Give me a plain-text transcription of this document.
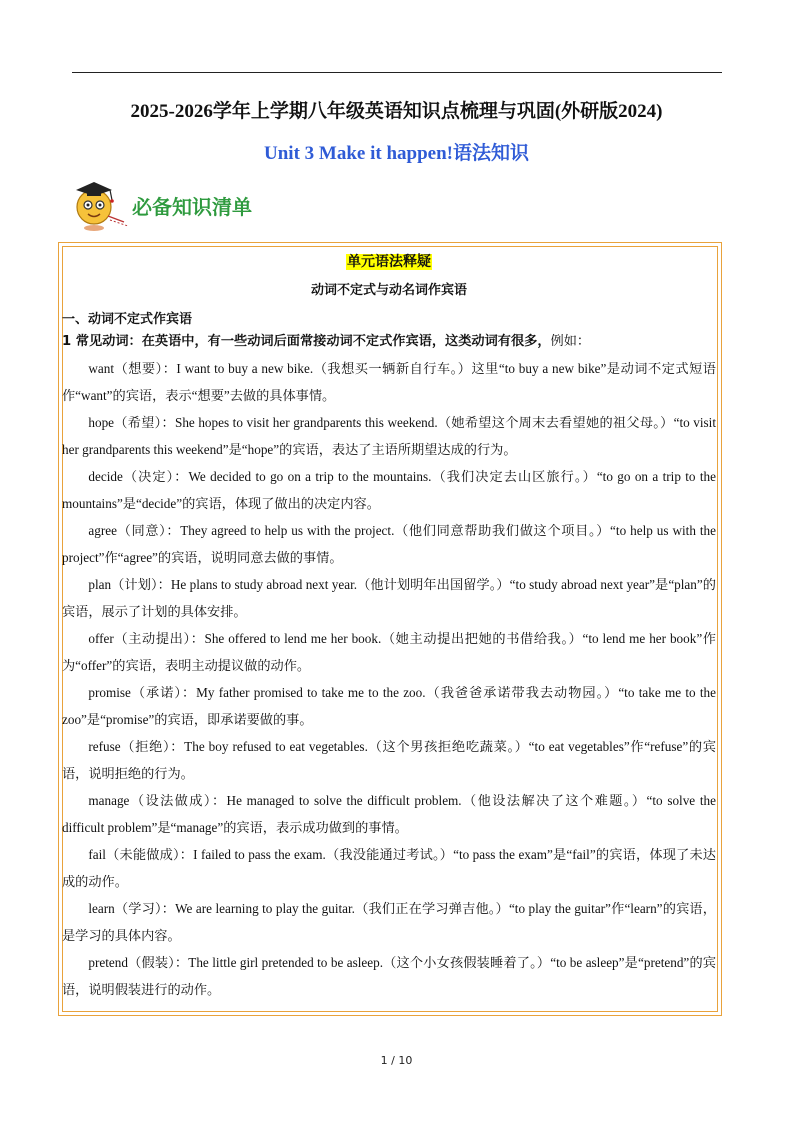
2025-2026学年上学期八年级英语知识点梳理与巩固(外研版2024)
Unit 3 Make it happen!语法知识
必备知识清单
单元语法释疑
动词不定式与动名词作宾语
一、动词不定式作宾语

1 常见动词：在英语中，有一些动词后面常接动词不定式作宾语，这类动词有很多，例如：

want（想要）：I want to buy a new bike.（我想买一辆新自行车。）这里“to buy a new bike”是动词不定式短语作“want”的宾语，表示“想要”去做的具体事情。

hope（希望）：She hopes to visit her grandparents this weekend.（她希望这个周末去看望她的祖父母。）“to visit her grandparents this weekend”是“hope”的宾语，表达了主语所期望达成的行为。

decide（决定）：We decided to go on a trip to the mountains.（我们决定去山区旅行。）“to go on a trip to the mountains”是“decide”的宾语，体现了做出的决定内容。

agree（同意）：They agreed to help us with the project.（他们同意帮助我们做这个项目。）“to help us with the project”作“agree”的宾语，说明同意去做的事情。

plan（计划）：He plans to study abroad next year.（他计划明年出国留学。）“to study abroad next year”是“plan”的宾语，展示了计划的具体安排。

offer（主动提出）：She offered to lend me her book.（她主动提出把她的书借给我。）“to lend me her book”作为“offer”的宾语，表明主动提议做的动作。

promise（承诺）：My father promised to take me to the zoo.（我爸爸承诺带我去动物园。）“to take me to the zoo”是“promise”的宾语，即承诺要做的事。

refuse（拒绝）：The boy refused to eat vegetables.（这个男孩拒绝吃蔬菜。）“to eat vegetables”作“refuse”的宾语，说明拒绝的行为。

manage（设法做成）：He managed to solve the difficult problem.（他设法解决了这个难题。）“to solve the difficult problem”是“manage”的宾语，表示成功做到的事情。

fail（未能做成）：I failed to pass the exam.（我没能通过考试。）“to pass the exam”是“fail”的宾语，体现了未达成的动作。

learn（学习）：We are learning to play the guitar.（我们正在学习弹吉他。）“to play the guitar”作“learn”的宾语，是学习的具体内容。

pretend（假装）：The little girl pretended to be asleep.（这个小女孩假装睡着了。）“to be asleep”是“pretend”的宾语，说明假装进行的动作。

1 / 10
